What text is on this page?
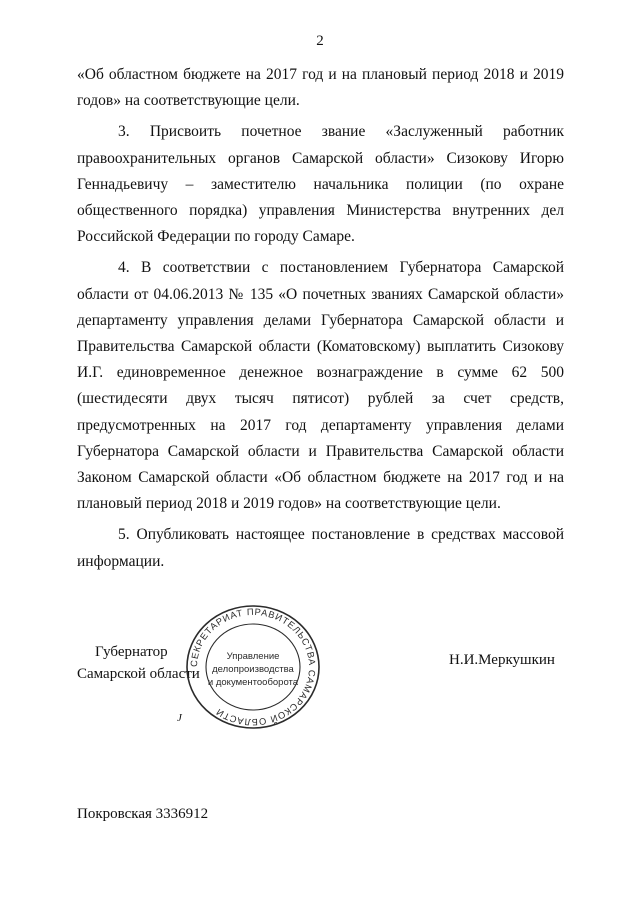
2

«Об областном бюджете на 2017 год и на плановый период 2018 и 2019 годов» на соответствующие цели.

3. Присвоить почетное звание «Заслуженный работник правоохранительных органов Самарской области» Сизокову Игорю Геннадьевичу – заместителю начальника полиции (по охране общественного порядка) управления Министерства внутренних дел Российской Федерации по городу Самаре.

4. В соответствии с постановлением Губернатора Самарской области от 04.06.2013 № 135 «О почетных званиях Самарской области» департаменту управления делами Губернатора Самарской области и Правительства Самарской области (Коматовскому) выплатить Сизокову И.Г. единовременное денежное вознаграждение в сумме 62 500 (шестидесяти двух тысяч пятисот) рублей за счет средств, предусмотренных на 2017 год департаменту управления делами Губернатора Самарской области и Правительства Самарской области Законом Самарской области «Об областном бюджете на 2017 год и на плановый период 2018 и 2019 годов» на соответствующие цели.

5. Опубликовать настоящее постановление в средствах массовой информации.

Губернатор
Самарской области
СЕКРЕТАРИАТ ПРАВИТЕЛЬСТВА САМАРСКОЙ ОБЛАСТИ
Управление
делопроизводства
и документооборота
Н.И.Меркушкин
J
Покровская 3336912
